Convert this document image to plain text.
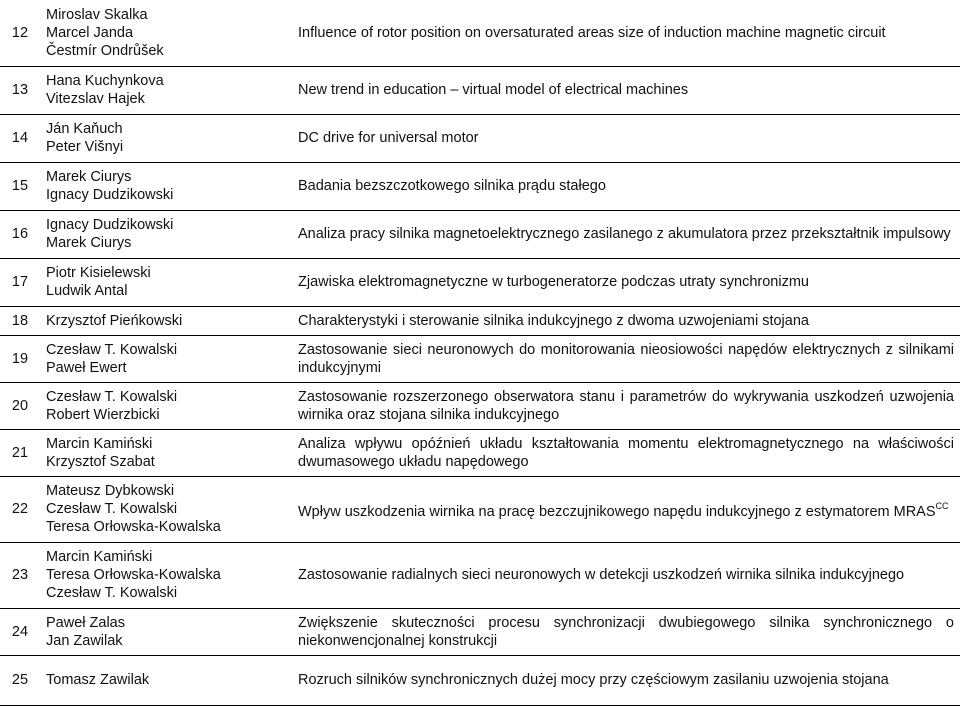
12	Miroslav Skalka
Marcel Janda
Čestmír Ondrůšek	Influence of rotor position on oversaturated areas size of induction machine magnetic circuit
13	Hana Kuchynkova
Vitezslav Hajek	New trend in education – virtual model of electrical machines
14	Ján Kaňuch
Peter Višnyi	DC drive for universal motor
15	Marek Ciurys
Ignacy Dudzikowski	Badania bezszczotkowego silnika prądu stałego
16	Ignacy Dudzikowski
Marek Ciurys	Analiza pracy silnika magnetoelektrycznego zasilanego z akumulatora przez przekształtnik impulsowy
17	Piotr Kisielewski
Ludwik Antal	Zjawiska elektromagnetyczne w turbogeneratorze podczas utraty synchronizmu
18	Krzysztof Pieńkowski	Charakterystyki i sterowanie silnika indukcyjnego z dwoma uzwojeniami stojana
19	Czesław T. Kowalski
Paweł Ewert	Zastosowanie sieci neuronowych do monitorowania nieosiowości napędów elektrycznych z silnikami indukcyjnymi
20	Czesław T. Kowalski
Robert Wierzbicki	Zastosowanie rozszerzonego obserwatora stanu i parametrów do wykrywania uszkodzeń uzwojenia wirnika oraz stojana silnika indukcyjnego
21	Marcin Kamiński
Krzysztof Szabat	Analiza wpływu opóźnień układu kształtowania momentu elektromagnetycznego na właściwości dwumasowego układu napędowego
22	Mateusz Dybkowski
Czesław T. Kowalski
Teresa Orłowska-Kowalska	Wpływ uszkodzenia wirnika na pracę bezczujnikowego napędu indukcyjnego z estymatorem $MRAS^{CC}$
23	Marcin Kamiński
Teresa Orłowska-Kowalska
Czesław T. Kowalski	Zastosowanie radialnych sieci neuronowych w detekcji uszkodzeń wirnika silnika indukcyjnego
24	Paweł Zalas
Jan Zawilak	Zwiększenie skuteczności procesu synchronizacji dwubiegowego silnika synchronicznego o niekonwencjonalnej konstrukcji
25	Tomasz Zawilak	Rozruch silników synchronicznych dużej mocy przy częściowym zasilaniu uzwojenia stojana
